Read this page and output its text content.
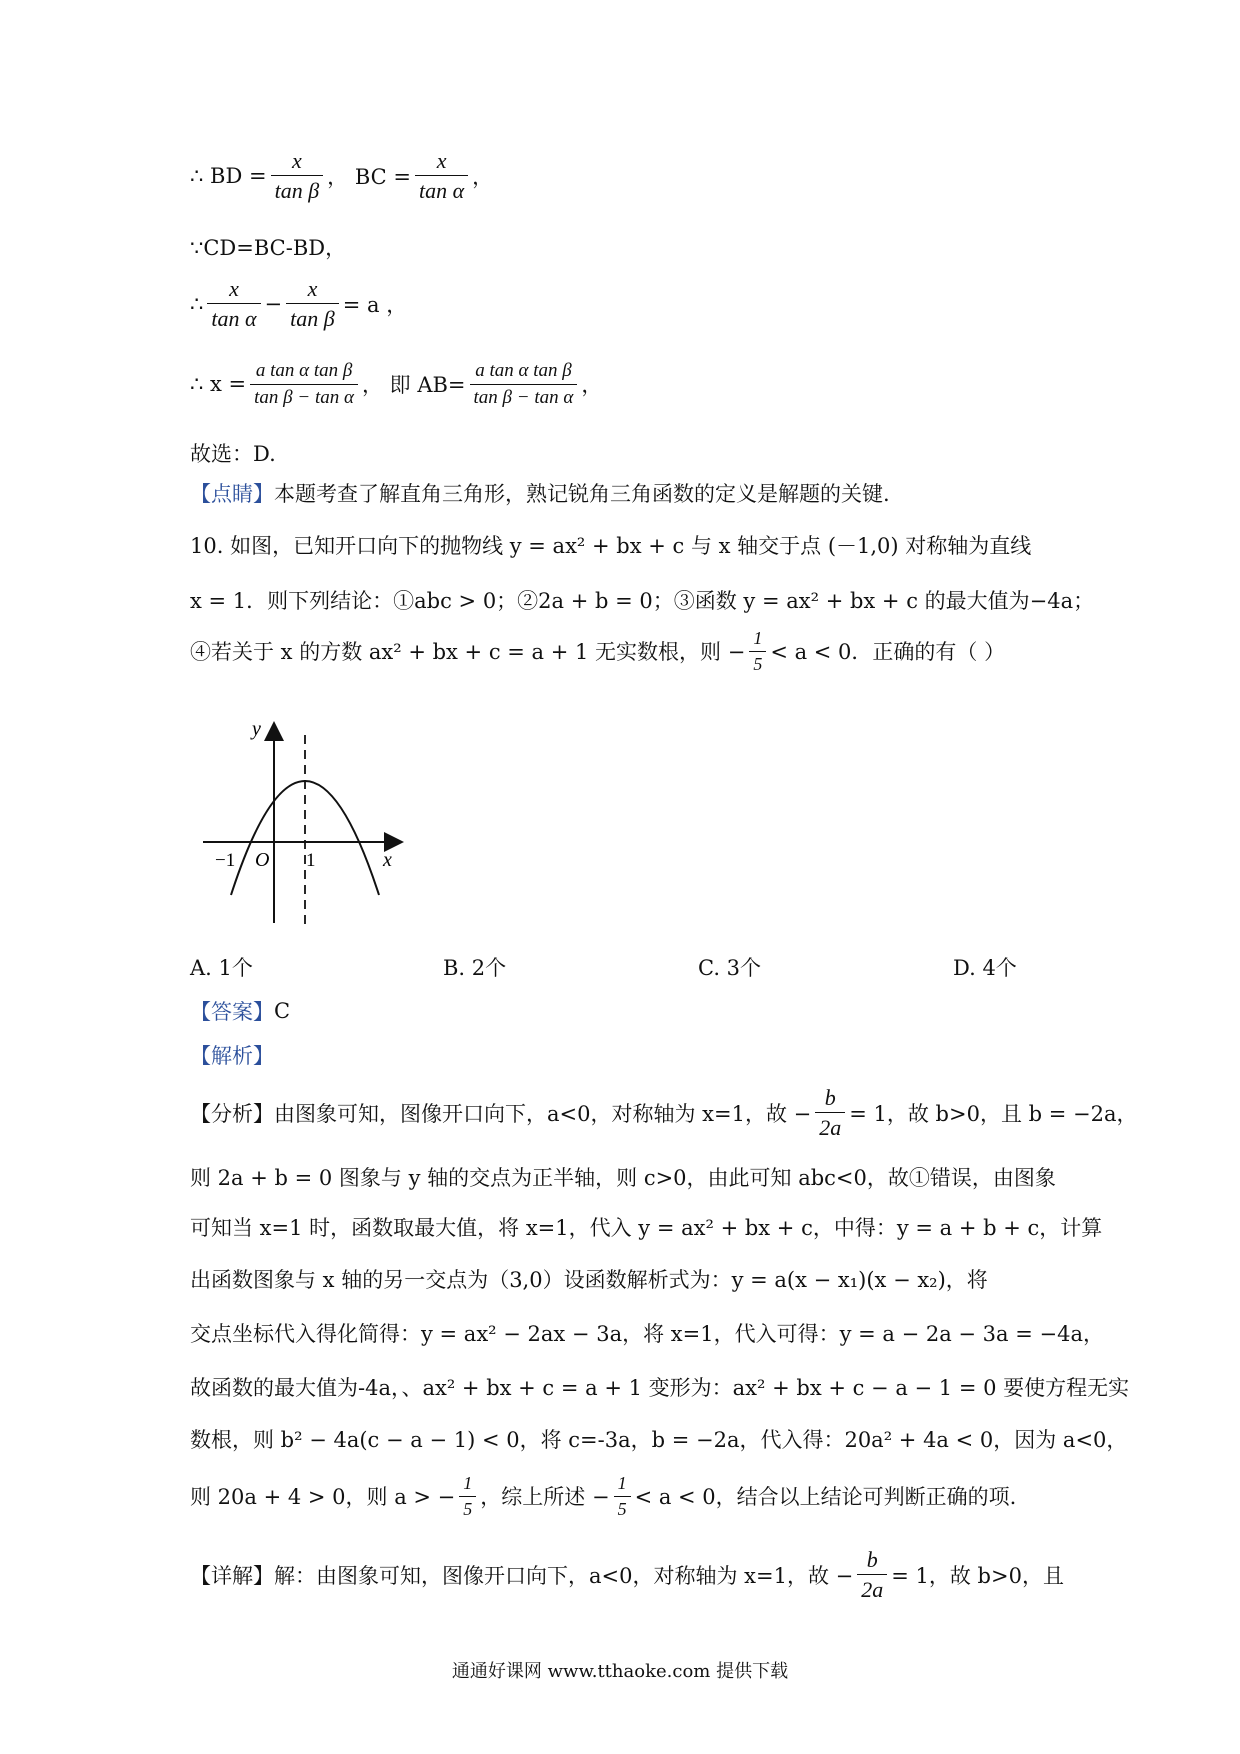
∴ BD = $\frac{x}{\text{tan β}}$ ， BC = $\frac{x}{\text{tan α}}$ ，
∵CD=BC-BD，
∴ $\frac{x}{\text{tan α}} - \frac{x}{\text{tan β}} = a$ ，
∴ $x = \frac{\text{a tan α tan β}}{\text{tan β − tan α}}$ ， 即 $AB= \frac{\text{a tan α tan β}}{\text{tan β − tan α}}$ ，
故选：D.
【点睛】 本题考查了解直角三角形，熟记锐角三角函数的定义是解题的关键.
10. 如图，已知开口向下的抛物线 y = ax² + bx + c 与 x 轴交于点 (－1,0) 对称轴为直线
x = 1．则下列结论：①abc > 0；②2a + b = 0；③函数 y = ax² + bx + c 的最大值为−4a；
④若关于 x 的方数 ax² + bx + c = a + 1 无实数根，则 − $\frac{1}{5} < a < 0$．正确的有（ ）
y
x
O
−1	1
A. 1个	B. 2个	C. 3个	D. 4个
【答案】 C
【解析】
【分析】 由图象可知，图像开口向下，a<0，对称轴为 x=1，故 − $\frac{b}{2a} = 1$，故 b>0，且 b = −2a，
则 2a + b = 0 图象与 y 轴的交点为正半轴，则 c>0，由此可知 abc<0，故①错误，由图象
可知当 x=1 时，函数取最大值，将 x=1，代入 y = ax² + bx + c，中得：y = a + b + c，计算
出函数图象与 x 轴的另一交点为（3,0）设函数解析式为：y = a(x − x₁)(x − x₂)，将
交点坐标代入得化简得：y = ax² − 2ax − 3a，将 x=1，代入可得：y = a − 2a − 3a = −4a，
故函数的最大值为-4a，、ax² + bx + c = a + 1 变形为：ax² + bx + c − a − 1 = 0 要使方程无实
数根，则 b² − 4a(c − a − 1) < 0，将 c=-3a，b = −2a，代入得：20a² + 4a < 0，因为 a<0，
则 20a + 4 > 0，则 a > − $\frac{1}{5}$ ，综上所述 − $\frac{1}{5} < a < 0$，结合以上结论可判断正确的项.
【详解】 解：由图象可知，图像开口向下，a<0，对称轴为 x=1，故 − $\frac{b}{2a} = 1$，故 b>0，且
通通好课网 www.tthaoke.com 提供下载
